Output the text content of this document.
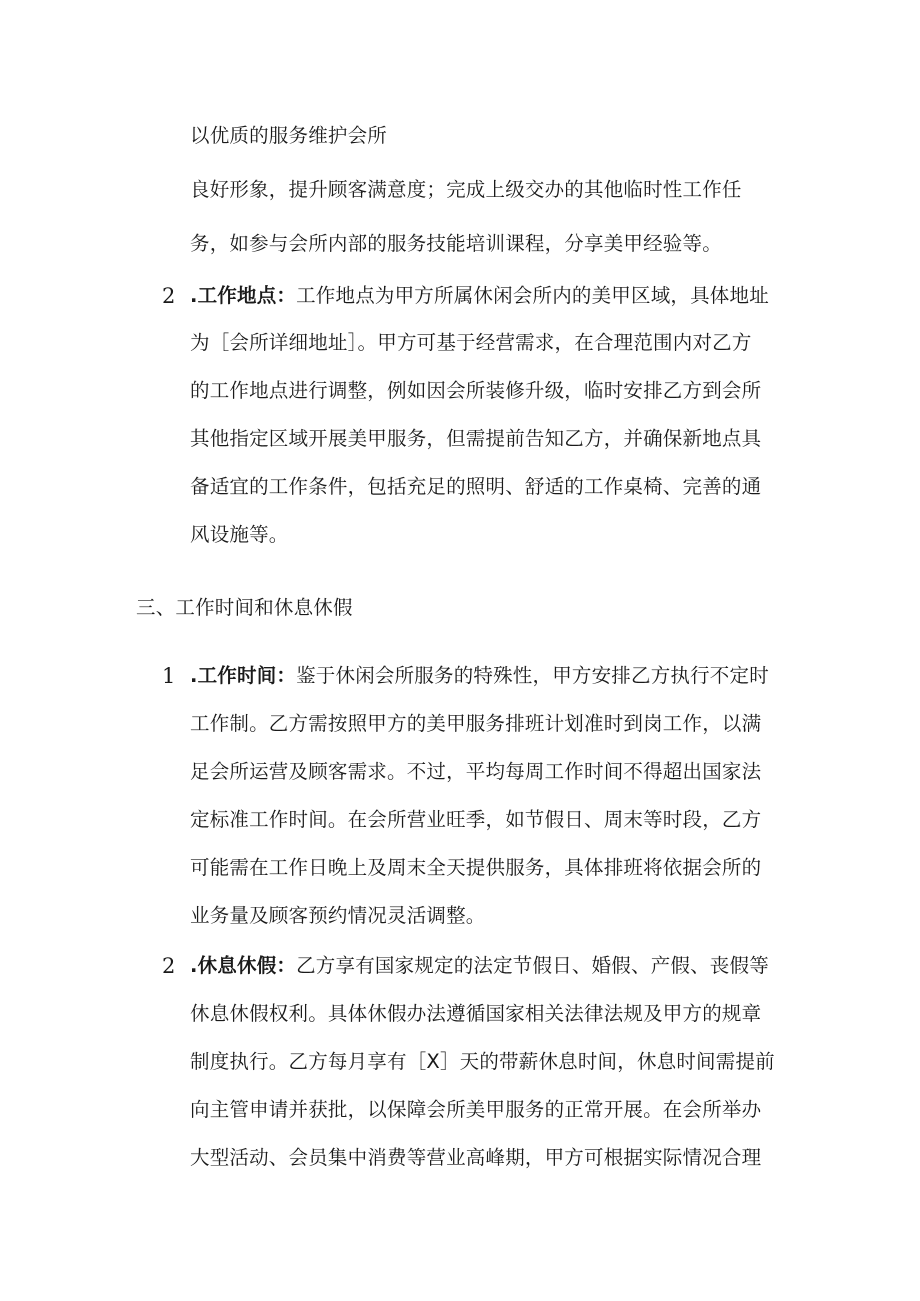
以优质的服务维护会所
良好形象，提升顾客满意度；完成上级交办的其他临时性工作任
务，如参与会所内部的服务技能培训课程，分享美甲经验等。
2 .工作地点：工作地点为甲方所属休闲会所内的美甲区域，具体地址
为［会所详细地址］。甲方可基于经营需求，在合理范围内对乙方
的工作地点进行调整，例如因会所装修升级，临时安排乙方到会所
其他指定区域开展美甲服务，但需提前告知乙方，并确保新地点具
备适宜的工作条件，包括充足的照明、舒适的工作桌椅、完善的通
风设施等。
三、工作时间和休息休假
1 .工作时间：鉴于休闲会所服务的特殊性，甲方安排乙方执行不定时
工作制。乙方需按照甲方的美甲服务排班计划准时到岗工作，以满
足会所运营及顾客需求。不过，平均每周工作时间不得超出国家法
定标准工作时间。在会所营业旺季，如节假日、周末等时段，乙方
可能需在工作日晚上及周末全天提供服务，具体排班将依据会所的
业务量及顾客预约情况灵活调整。
2 .休息休假：乙方享有国家规定的法定节假日、婚假、产假、丧假等
休息休假权利。具体休假办法遵循国家相关法律法规及甲方的规章
制度执行。乙方每月享有［X］天的带薪休息时间，休息时间需提前
向主管申请并获批，以保障会所美甲服务的正常开展。在会所举办
大型活动、会员集中消费等营业高峰期，甲方可根据实际情况合理
